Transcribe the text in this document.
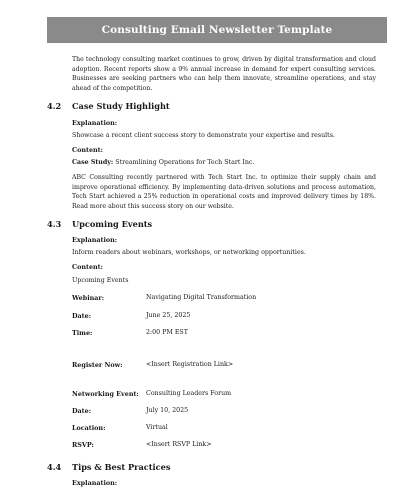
Consulting Email Newsletter Template
The technology consulting market continues to grow, driven by digital transformation and cloud adoption. Recent reports show a 9% annual increase in demand for expert consulting services. Businesses are seeking partners who can help them innovate, streamline operations, and stay ahead of the competition.
4.2 Case Study Highlight
Explanation:
Showcase a recent client success story to demonstrate your expertise and results.
Content:
Case Study: Streamlining Operations for Tech Start Inc.
ABC Consulting recently partnered with Tech Start Inc. to optimize their supply chain and improve operational efficiency. By implementing data-driven solutions and process automation, Tech Start achieved a 25% reduction in operational costs and improved delivery times by 18%. Read more about this success story on our website.
4.3 Upcoming Events
Explanation:
Inform readers about webinars, workshops, or networking opportunities.
Content:
Upcoming Events
Webinar:	Navigating Digital Transformation
Date:	June 25, 2025
Time:	2:00 PM EST
Register Now:	<Insert Registration Link>
Networking Event: Consulting Leaders Forum
Date:	July 10, 2025
Location:	Virtual
RSVP:	<Insert RSVP Link>
4.4 Tips & Best Practices
Explanation:
